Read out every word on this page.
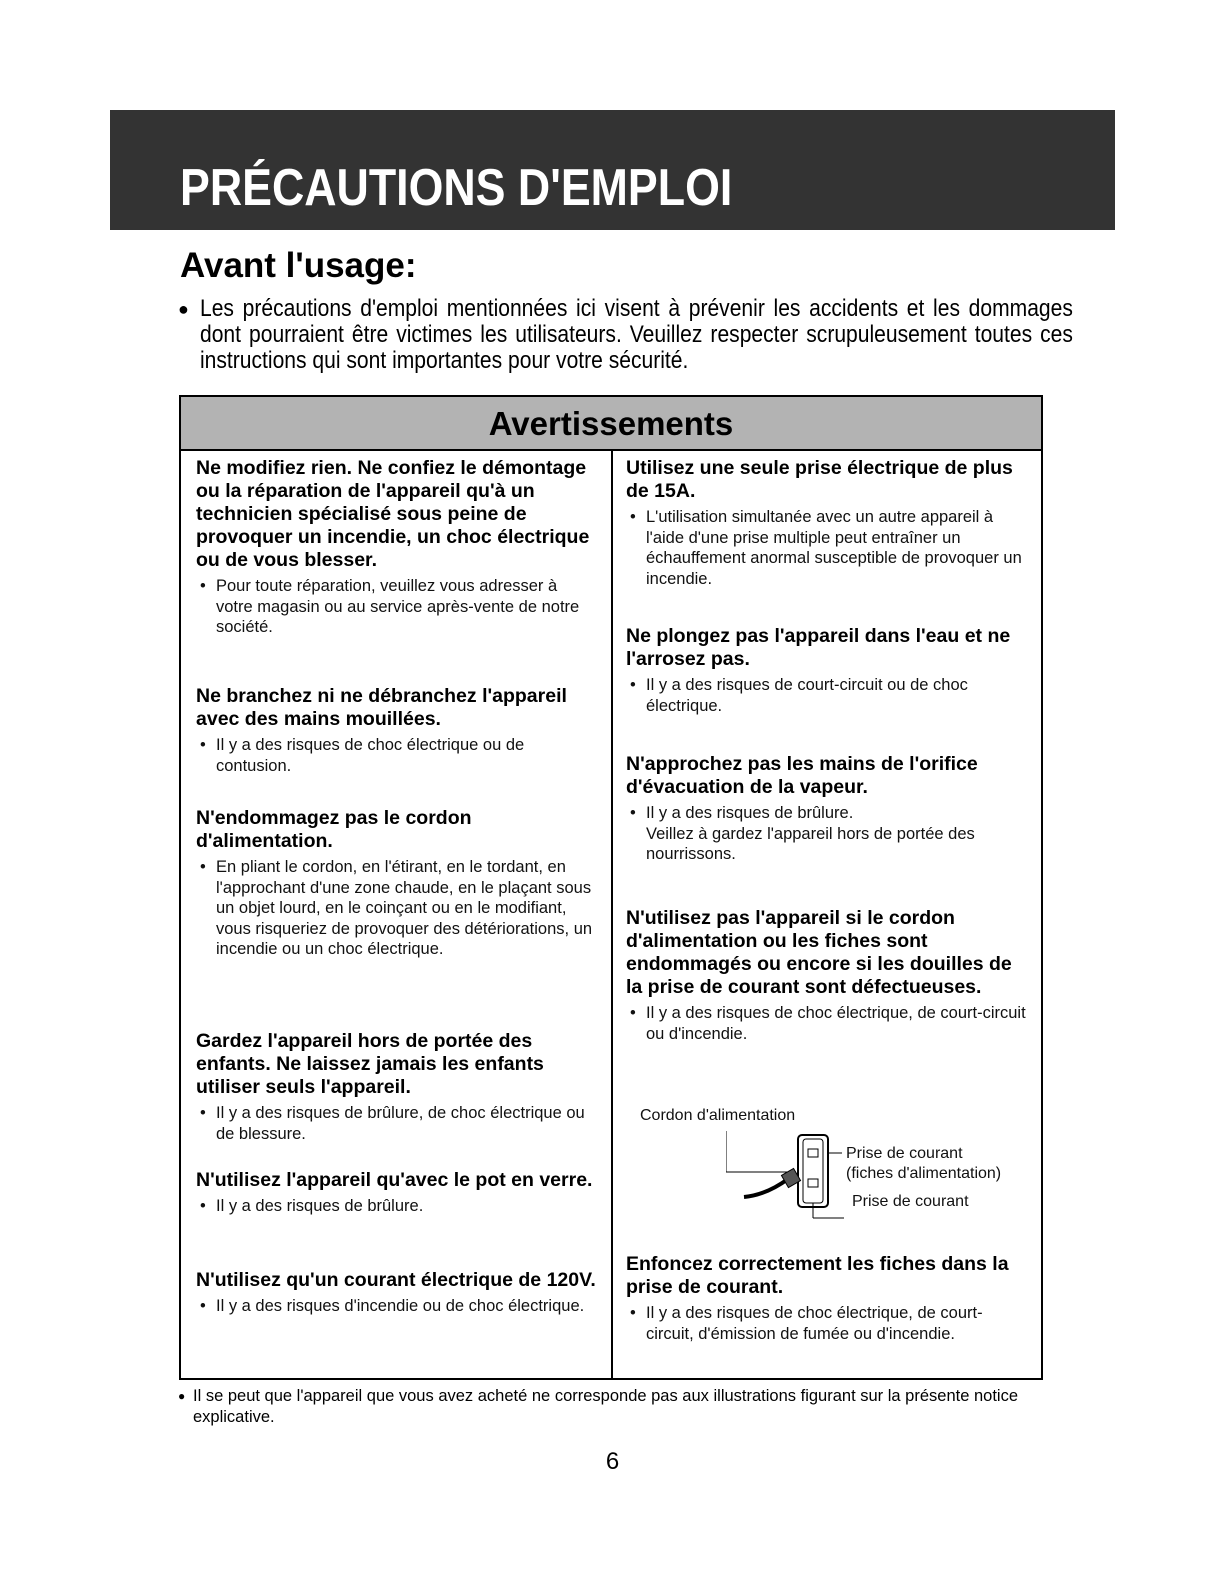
PRÉCAUTIONS D'EMPLOI
Avant l'usage:
● Les précautions d'emploi mentionnées ici visent à prévenir les accidents et les dommages dont pourraient être victimes les utilisateurs. Veuillez respecter scrupuleusement toutes ces instructions qui sont importantes pour votre sécurité.
Avertissements

Ne modifiez rien. Ne confiez le démontage ou la réparation de l'appareil qu'à un technicien spécialisé sous peine de provoquer un incendie, un choc électrique ou de vous blesser.

• Pour toute réparation, veuillez vous adresser à votre magasin ou au service après-vente de notre société.

Ne branchez ni ne débranchez l'appareil avec des mains mouillées.

• Il y a des risques de choc électrique ou de contusion.

N'endommagez pas le cordon d'alimentation.

• En pliant le cordon, en l'étirant, en le tordant, en l'approchant d'une zone chaude, en le plaçant sous un objet lourd, en le coinçant ou en le modifiant, vous risqueriez de provoquer des détériorations, un incendie ou un choc électrique.

Gardez l'appareil hors de portée des enfants. Ne laissez jamais les enfants utiliser seuls l'appareil.

• Il y a des risques de brûlure, de choc électrique ou de blessure.

N'utilisez l'appareil qu'avec le pot en verre.

• Il y a des risques de brûlure.

N'utilisez qu'un courant électrique de 120V.

• Il y a des risques d'incendie ou de choc électrique.

Utilisez une seule prise électrique de plus de 15A.

• L'utilisation simultanée avec un autre appareil à l'aide d'une prise multiple peut entraîner un échauffement anormal susceptible de provoquer un incendie.

Ne plongez pas l'appareil dans l'eau et ne l'arrosez pas.

• Il y a des risques de court-circuit ou de choc électrique.

N'approchez pas les mains de l'orifice d'évacuation de la vapeur.

• Il y a des risques de brûlure.
Veillez à gardez l'appareil hors de portée des nourrissons.

N'utilisez pas l'appareil si le cordon d'alimentation ou les fiches sont endommagés ou encore si les douilles de la prise de courant sont défectueuses.

• Il y a des risques de choc électrique, de court-circuit ou d'incendie.
Cordon d'alimentation
Prise de courant
(fiches d'alimentation)
Prise de courant

Enfoncez correctement les fiches dans la prise de courant.

• Il y a des risques de choc électrique, de court-circuit, d'émission de fumée ou d'incendie.
● Il se peut que l'appareil que vous avez acheté ne corresponde pas aux illustrations figurant sur la présente notice explicative.

6
